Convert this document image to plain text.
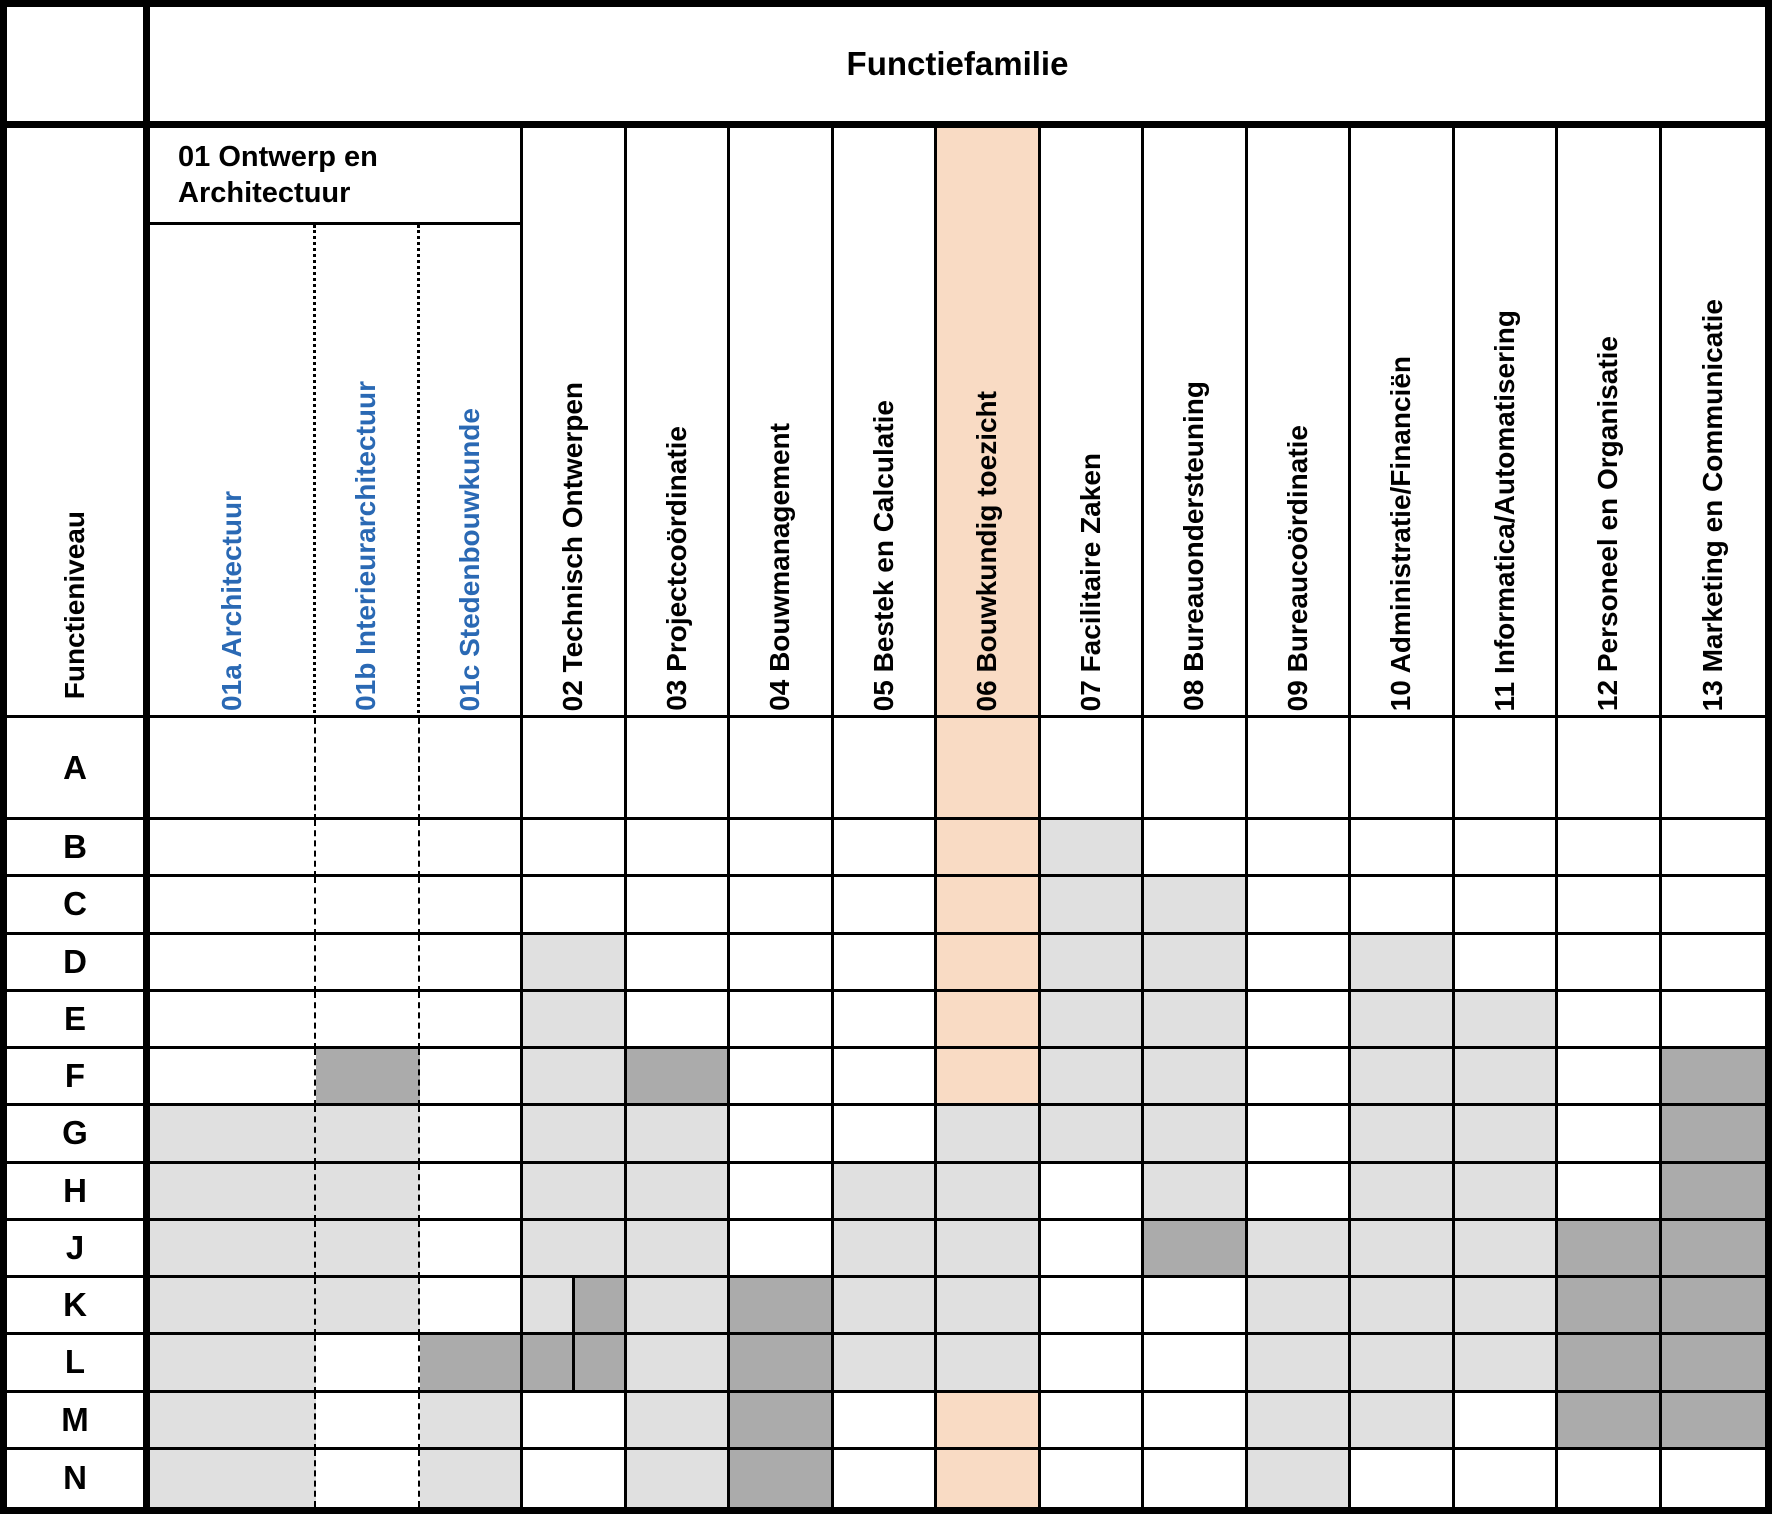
Functiefamilie
Functieniveau
01 Ontwerp en Architectuur
01a Architectuur	01b Interieurarchitectuur	01c Stedenbouwkunde	02 Technisch Ontwerpen	03 Projectcoördinatie	04 Bouwmanagement	05 Bestek en Calculatie	06 Bouwkundig toezicht	07 Facilitaire Zaken	08 Bureauondersteuning	09 Bureaucoördinatie	10 Administratie/Financiën	11 Informatica/Automatisering	12 Personeel en Organisatie	13 Marketing en Communicatie
A
B
C
D
E
F
G
H
J
K
L
M
N
